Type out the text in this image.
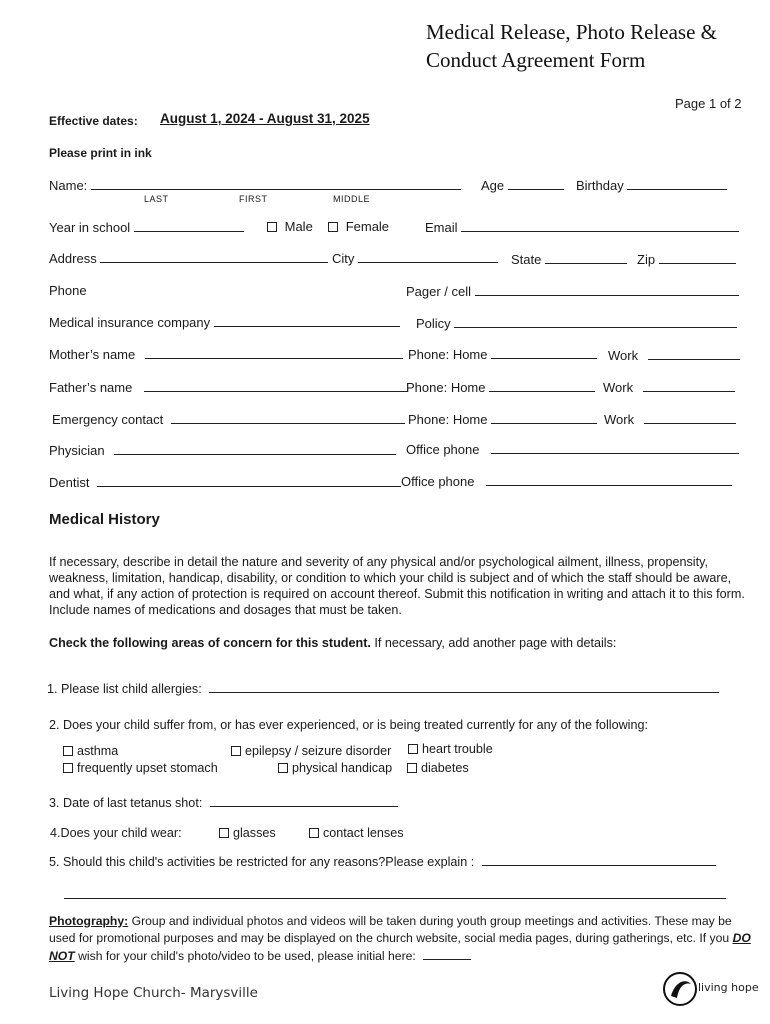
Medical Release, Photo Release &
Conduct Agreement Form
Page 1 of 2
Effective dates: August 1, 2024 - August 31, 2025
Please print in ink
Name:	Age	Birthday
LAST	FIRST	MIDDLE
Year in school	Male	Female	Email
Address	City	State	Zip
Phone	Pager / cell
Medical insurance company	Policy
Mother’s name	Phone: Home	Work
Father’s name	Phone: Home	Work
Emergency contact	Phone: Home	Work
Physician	Office phone
Dentist	Office phone
Medical History
If necessary, describe in detail the nature and severity of any physical and/or psychological ailment, illness, propensity, weakness, limitation, handicap, disability, or condition to which your child is subject and of which the staff should be aware, and what, if any action of protection is required on account thereof. Submit this notification in writing and attach it to this form. Include names of medications and dosages that must be taken.
Check the following areas of concern for this student. If necessary, add another page with details:
1. Please list child allergies:
2. Does your child suffer from, or has ever experienced, or is being treated currently for any of the following:
asthma	epilepsy / seizure disorder	heart trouble
frequently upset stomach	physical handicap	diabetes
3. Date of last tetanus shot:
4.Does your child wear:	glasses	contact lenses
5. Should this child's activities be restricted for any reasons?Please explain :
Photography: Group and individual photos and videos will be taken during youth group meetings and activities. These may be used for promotional purposes and may be displayed on the church website, social media pages, during gatherings, etc. If you DO NOT wish for your child's photo/video to be used, please initial here:
Living Hope Church- Marysville	living hope
